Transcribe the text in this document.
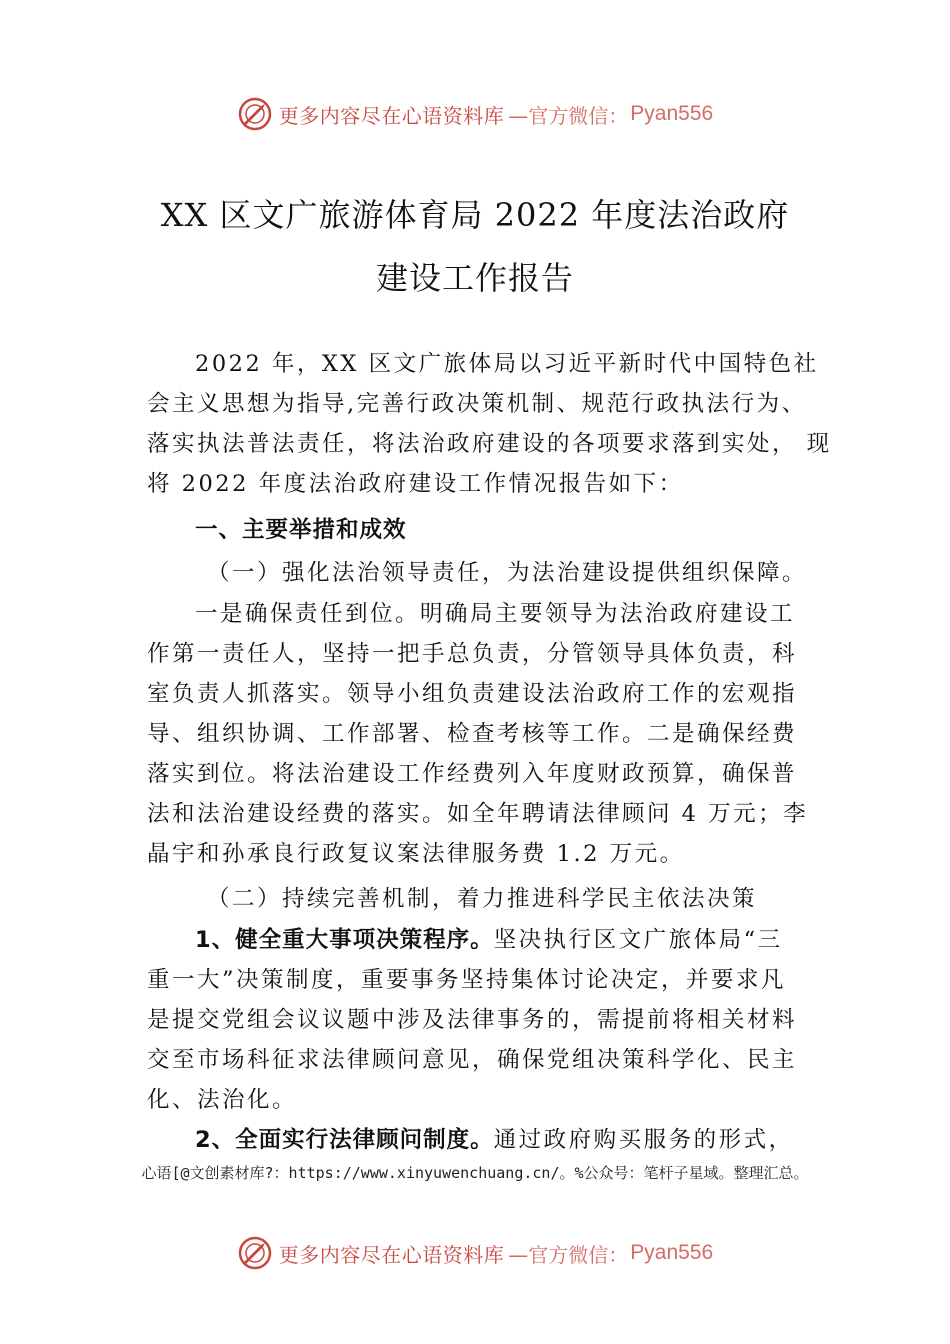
更多内容尽在心语资料库 —官方微信： Pyan556
XX 区文广旅游体育局 2022 年度法治政府
建设工作报告
2022 年，XX 区文广旅体局以习近平新时代中国特色社
会主义思想为指导,完善行政决策机制、规范行政执法行为、
落实执法普法责任，将法治政府建设的各项要求落到实处， 现
将 2022 年度法治政府建设工作情况报告如下：
一、主要举措和成效
（一）强化法治领导责任，为法治建设提供组织保障。
一是确保责任到位。明确局主要领导为法治政府建设工
作第一责任人，坚持一把手总负责，分管领导具体负责，科
室负责人抓落实。领导小组负责建设法治政府工作的宏观指
导、组织协调、工作部署、检查考核等工作。二是确保经费
落实到位。将法治建设工作经费列入年度财政预算，确保普
法和法治建设经费的落实。如全年聘请法律顾问 4 万元；李
晶宇和孙承良行政复议案法律服务费 1.2 万元。
（二）持续完善机制，着力推进科学民主依法决策
1、健全重大事项决策程序。坚决执行区文广旅体局“三
重一大”决策制度，重要事务坚持集体讨论决定，并要求凡
是提交党组会议议题中涉及法律事务的，需提前将相关材料
交至市场科征求法律顾问意见，确保党组决策科学化、民主
化、法治化。
2、全面实行法律顾问制度。通过政府购买服务的形式，
心语[@文创素材库?：https://www.xinyuwenchuang.cn/。%公众号：笔杆子星域。整理汇总。
更多内容尽在心语资料库 —官方微信： Pyan556
